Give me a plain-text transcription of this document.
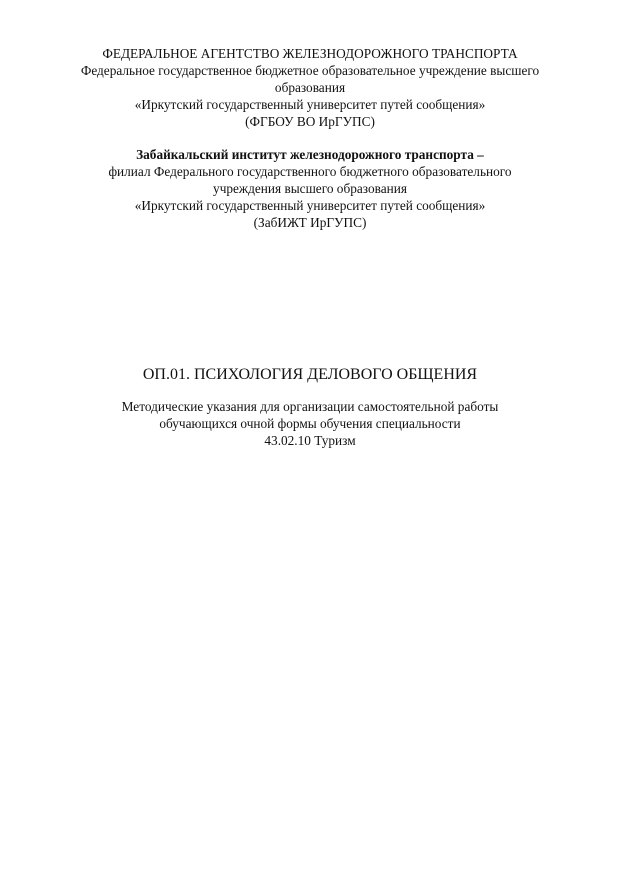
ФЕДЕРАЛЬНОЕ АГЕНТСТВО ЖЕЛЕЗНОДОРОЖНОГО ТРАНСПОРТА
Федеральное государственное бюджетное образовательное учреждение высшего
образования
«Иркутский государственный университет путей сообщения»
(ФГБОУ ВО ИрГУПС)
Забайкальский институт железнодорожного транспорта –
филиал Федерального государственного бюджетного образовательного
учреждения высшего образования
«Иркутский государственный университет путей сообщения»
(ЗабИЖТ ИрГУПС)
ОП.01. ПСИХОЛОГИЯ ДЕЛОВОГО ОБЩЕНИЯ
Методические указания для организации самостоятельной работы
обучающихся очной формы обучения специальности
43.02.10 Туризм
